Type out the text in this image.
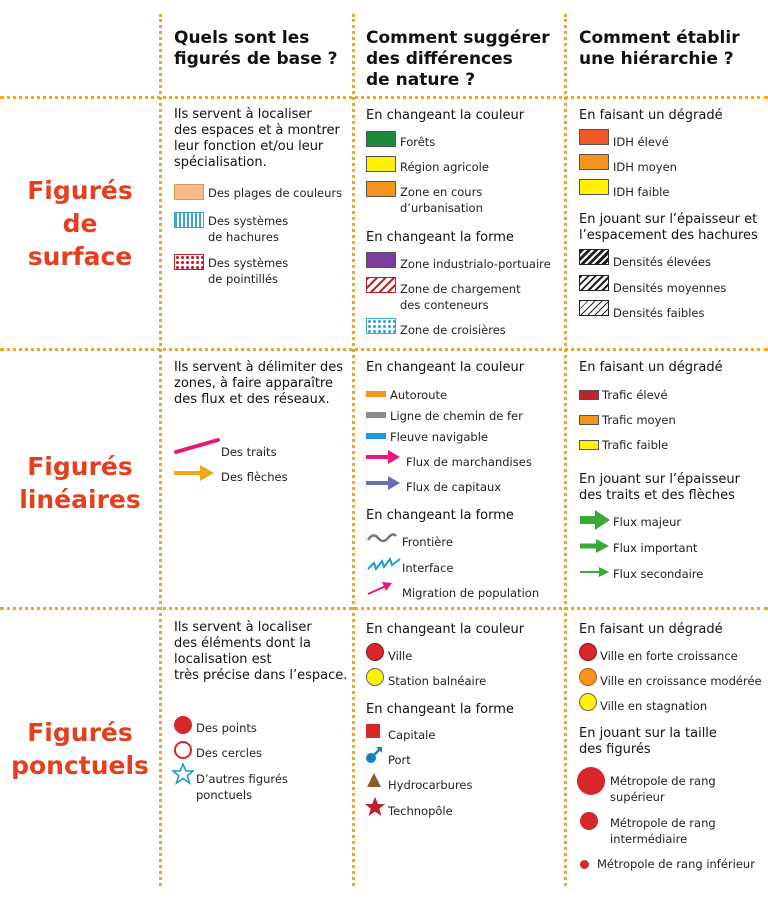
Quels sont les
figurés de base ?
Comment suggérer
des différences
de nature ?
Comment établir
une hiérarchie ?
Figurés
de
surface
Figurés
linéaires
Figurés
ponctuels
Ils servent à localiser
des espaces et à montrer
leur fonction et/ou leur
spécialisation.
Des plages de couleurs
Des systèmes
de hachures
Des systèmes
de pointillés
En changeant la couleur
Forêts
Région agricole
Zone en cours
d’urbanisation
En changeant la forme
Zone industrialo-portuaire
Zone de chargement
des conteneurs
Zone de croisières
En faisant un dégradé
IDH élevé
IDH moyen
IDH faible
En jouant sur l’épaisseur et
l’espacement des hachures
Densités élevées
Densités moyennes
Densités faibles
Ils servent à délimiter des
zones, à faire apparaître
des flux et des réseaux.
Des traits
Des flèches
En changeant la couleur
Autoroute
Ligne de chemin de fer
Fleuve navigable
Flux de marchandises
Flux de capitaux
En changeant la forme
Frontière
Interface
Migration de population
En faisant un dégradé
Trafic élevé
Trafic moyen
Trafic faible
En jouant sur l’épaisseur
des traits et des flèches
Flux majeur
Flux important
Flux secondaire
Ils servent à localiser
des éléments dont la
localisation est
très précise dans l’espace.
Des points
Des cercles
D’autres figurés
ponctuels
En changeant la couleur
Ville
Station balnéaire
En changeant la forme
Capitale
Port
Hydrocarbures
Technopôle
En faisant un dégradé
Ville en forte croissance
Ville en croissance modérée
Ville en stagnation
En jouant sur la taille
des figurés
Métropole de rang
supérieur
Métropole de rang
intermédiaire
Métropole de rang inférieur
